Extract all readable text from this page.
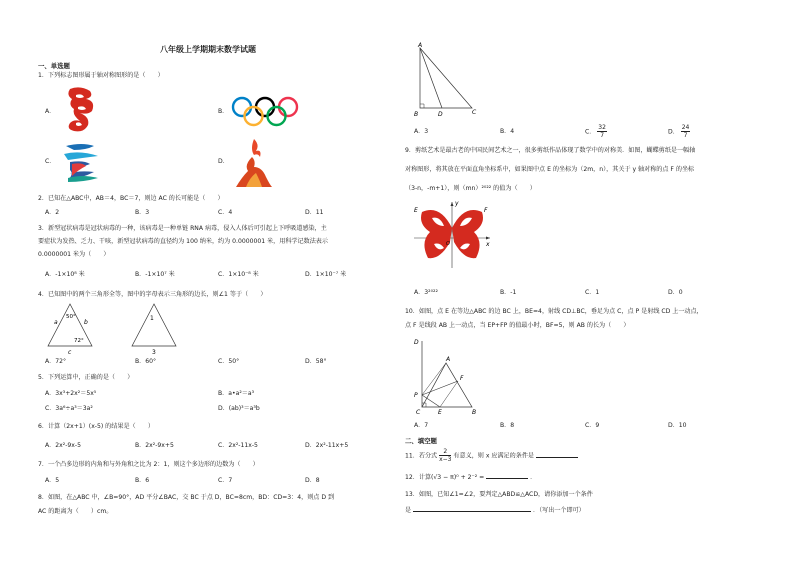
八年级上学期期末数学试题
一、单选题
1．下列标志图形属于轴对称图形的是（　　）
A．	B．
C．	D．
2．已知在△ABC中，AB＝4，BC＝7，则边 AC 的长可能是（　　）
A．2	B．3	C．4	D．11
3．新型冠状病毒是冠状病毒的一种，该病毒是一种单链 RNA 病毒，侵入人体后可引起上下呼吸道感染，主
要症状为发热、乏力、干咳，新型冠状病毒的直径约为 100 纳米，约为 0.0000001 米，用科学记数法表示
0.0000001 米为（　　）
A．-1×10⁸ 米	B．-1×10⁷ 米	C．1×10⁻⁸ 米	D．1×10⁻⁷ 米
4．已知图中的两个三角形全等，图中的字母表示三角形的边长，则∠1 等于（　　）
a	b
c
50°
72°
1
3
A．72°	B．60°	C．50°	D．58°
5．下列运算中，正确的是（　　）
A．3x³+2x²＝5x⁵	B．a•a²＝a³
C．3a⁶÷a³＝3a²	D．(ab)³＝a³b
6．计算（2x+1）(x-5) 的结果是（　　）
A．2x²-9x-5	B．2x²-9x+5	C．2x²-11x-5	D．2x²-11x+5
7．一个凸多边形的内角和与外角和之比为 2：1，则这个多边形的边数为（　　）
A．5	B．6	C．7	D．8
8．如图，在△ABC 中，∠B=90°，AD 平分∠BAC，交 BC 于点 D，BC=8cm，BD：CD=3：4，则点 D 到
AC 的距离为（　　）cm。
A
B	D	C
A．3	B．4	C． $\frac{32}{7}$	D． $\frac{24}{7}$
9．剪纸艺术是最古老的中国民间艺术之一，很多剪纸作品体现了数学中的对称美．如图，蝴蝶剪纸是一幅轴
对称图形，将其放在平面直角坐标系中，如果图中点 E 的坐标为（2m，n），其关于 y 轴对称的点 F 的坐标
（3-n，-m+1），则（mn）²⁰²² 的值为（　　）
E	F
y
x
O
A．3²⁰²²	B．-1	C．1	D．0
10．如图，点 E 在等边△ABC 的边 BC 上，BE=4，射线 CD⊥BC，垂足为点 C，点 P 是射线 CD 上一动点，
点 F 是线段 AB 上一动点，当 EP+FP 的值最小时，BF=5，则 AB 的长为（　　）
D
A
F
P
C	E	B
A．7	B．8	C．9	D．10
二、填空题
11．若分式 $\frac{2}{x-3}$ 有意义，则 x 应满足的条件是
12．计算(√3 − π)⁰ + 2⁻² =	．
13．如图，已知∠1=∠2，要判定△ABD≌△ACD，请你添加一个条件
是	．（写出一个即可）
